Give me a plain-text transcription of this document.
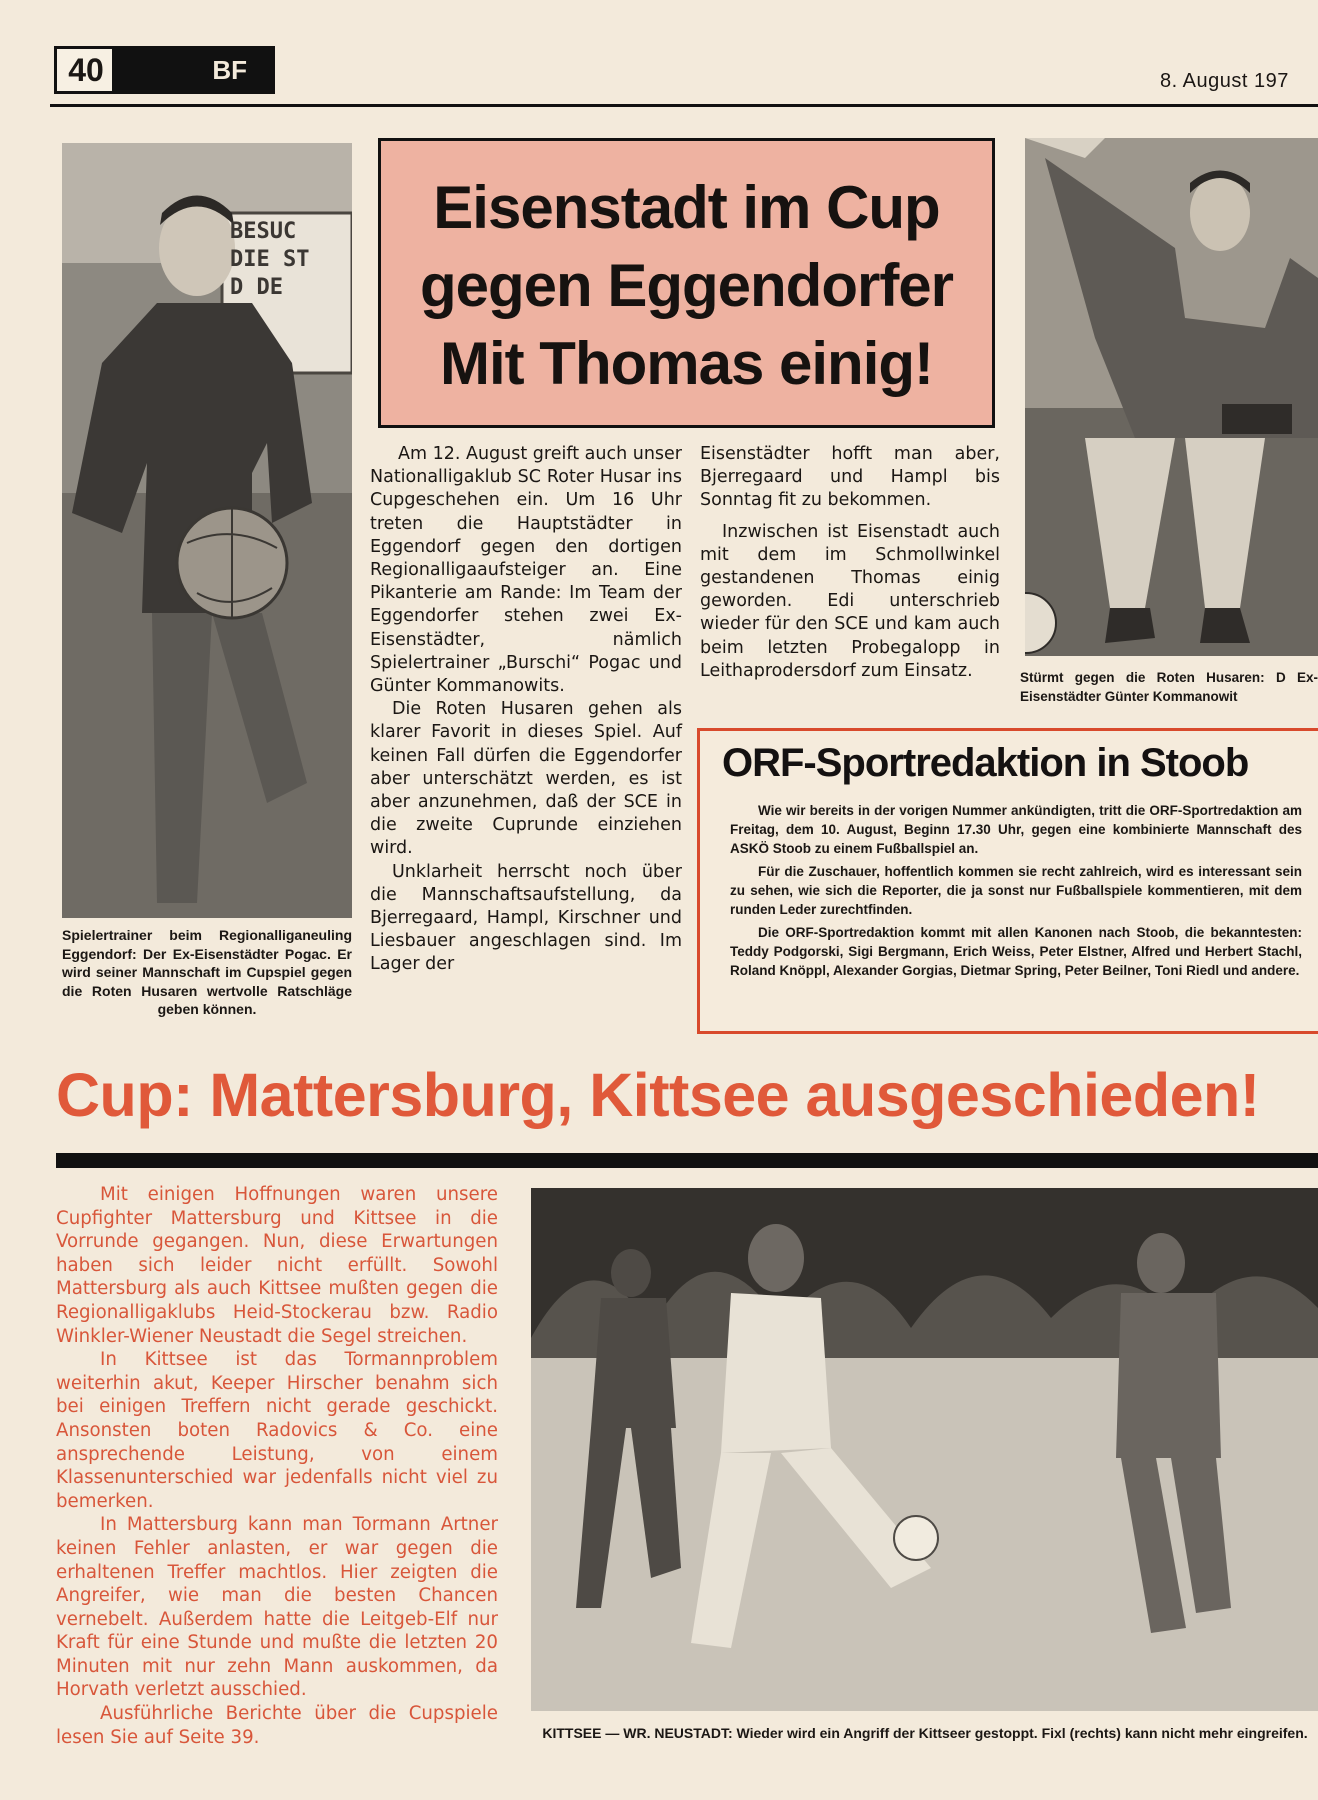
40	BF	8. August 197
BESUC
DIE ST
D DE
Spielertrainer beim Regionalliganeuling Eggendorf: Der Ex-Eisenstädter Pogac. Er wird seiner Mannschaft im Cupspiel gegen die Roten Husaren wertvolle Ratschläge geben können.
Eisenstadt im Cup
gegen Eggendorfer
Mit Thomas einig!

Am 12. August greift auch unser Nationalligaklub SC Roter Husar ins Cupgeschehen ein. Um 16 Uhr treten die Hauptstädter in Eggendorf gegen den dortigen Regionalligaaufsteiger an. Eine Pikanterie am Rande: Im Team der Eggendorfer stehen zwei Ex-Eisenstädter, nämlich Spielertrainer „Burschi“ Pogac und Günter Kommanowits.

Die Roten Husaren gehen als klarer Favorit in dieses Spiel. Auf keinen Fall dürfen die Eggendorfer aber unterschätzt werden, es ist aber anzunehmen, daß der SCE in die zweite Cuprunde einziehen wird.

Unklarheit herrscht noch über die Mannschaftsaufstellung, da Bjerregaard, Hampl, Kirschner und Liesbauer angeschlagen sind. Im Lager der

Eisenstädter hofft man aber, Bjerregaard und Hampl bis Sonntag fit zu bekommen.

Inzwischen ist Eisenstadt auch mit dem im Schmollwinkel gestandenen Thomas einig geworden. Edi unterschrieb wieder für den SCE und kam auch beim letzten Probegalopp in Leithaprodersdorf zum Einsatz.	Stürmt gegen die Roten Husaren: D Ex-Eisenstädter Günter Kommanowit
ORF-Sportredaktion in Stoob

Wie wir bereits in der vorigen Nummer ankündigten, tritt die ORF-Sportredaktion am Freitag, dem 10. August, Beginn 17.30 Uhr, gegen eine kombinierte Mannschaft des ASKÖ Stoob zu einem Fußballspiel an.

Für die Zuschauer, hoffentlich kommen sie recht zahlreich, wird es interessant sein zu sehen, wie sich die Reporter, die ja sonst nur Fußballspiele kommentieren, mit dem runden Leder zurechtfinden.

Die ORF-Sportredaktion kommt mit allen Kanonen nach Stoob, die bekanntesten: Teddy Podgorski, Sigi Bergmann, Erich Weiss, Peter Elstner, Alfred und Herbert Stachl, Roland Knöppl, Alexander Gorgias, Dietmar Spring, Peter Beilner, Toni Riedl und andere.

Cup: Mattersburg, Kittsee ausgeschieden!

Mit einigen Hoffnungen waren unsere Cupfighter Mattersburg und Kittsee in die Vorrunde gegangen. Nun, diese Erwartungen haben sich leider nicht erfüllt. Sowohl Mattersburg als auch Kittsee mußten gegen die Regionalligaklubs Heid-Stockerau bzw. Radio Winkler-Wiener Neustadt die Segel streichen.

In Kittsee ist das Tormannproblem weiterhin akut, Keeper Hirscher benahm sich bei einigen Treffern nicht gerade geschickt. Ansonsten boten Radovics & Co. eine ansprechende Leistung, von einem Klassenunterschied war jedenfalls nicht viel zu bemerken.

In Mattersburg kann man Tormann Artner keinen Fehler anlasten, er war gegen die erhaltenen Treffer machtlos. Hier zeigten die Angreifer, wie man die besten Chancen vernebelt. Außerdem hatte die Leitgeb-Elf nur Kraft für eine Stunde und mußte die letzten 20 Minuten mit nur zehn Mann auskommen, da Horvath verletzt ausschied.

Ausführliche Berichte über die Cupspiele lesen Sie auf Seite 39.	KITTSEE — WR. NEUSTADT: Wieder wird ein Angriff der Kittseer gestoppt. Fixl (rechts) kann nicht mehr eingreifen.
